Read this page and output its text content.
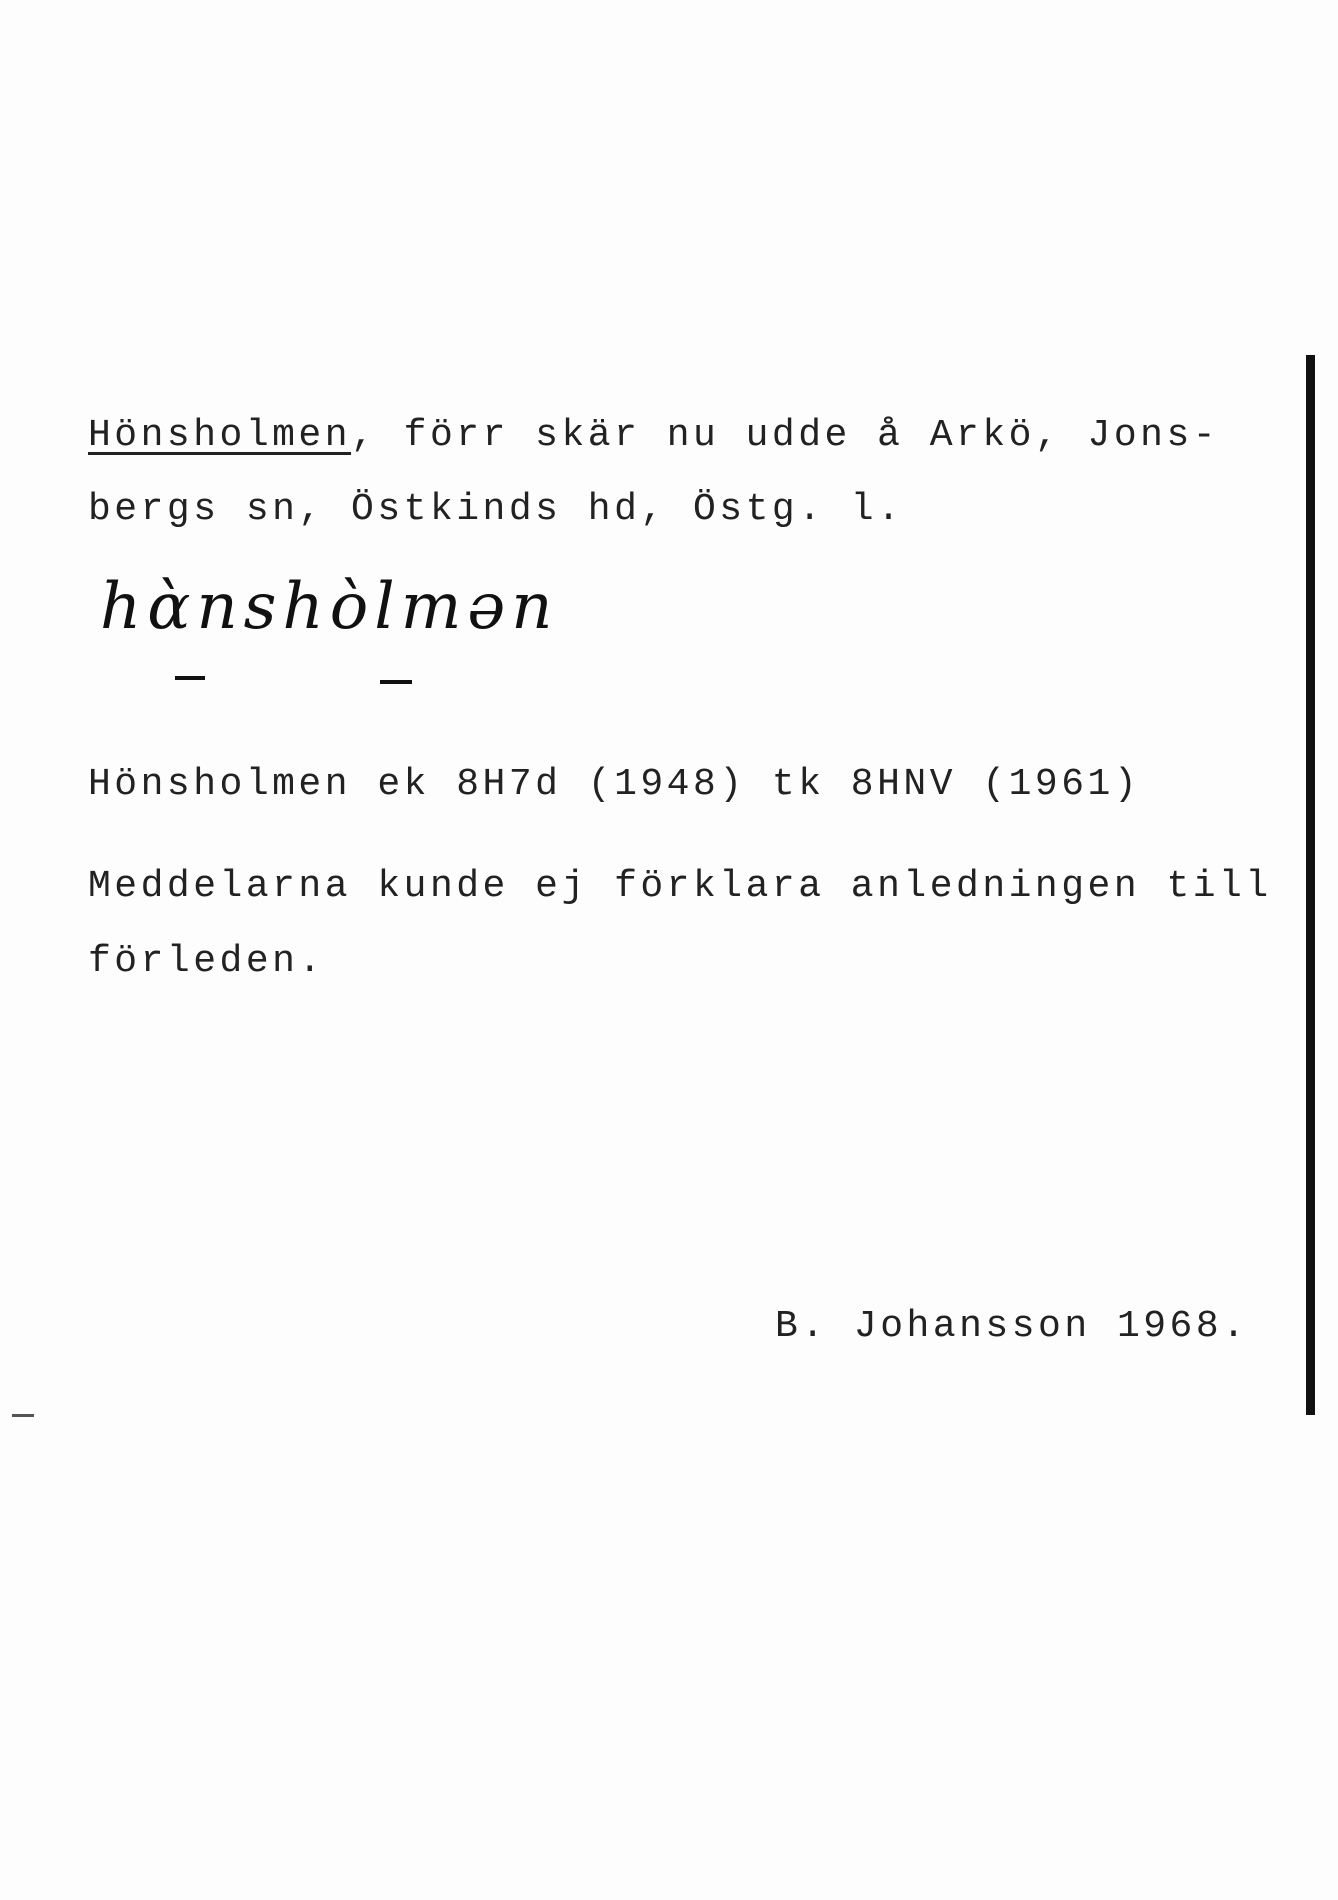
Hönsholmen, förr skär nu udde å Arkö, Jons-
bergs sn, Östkinds hd, Östg. l.
hɑ̀nshòlmən
Hönsholmen ek 8H7d (1948) tk 8HNV (1961)
Meddelarna kunde ej förklara anledningen till
förleden.
B. Johansson 1968.
